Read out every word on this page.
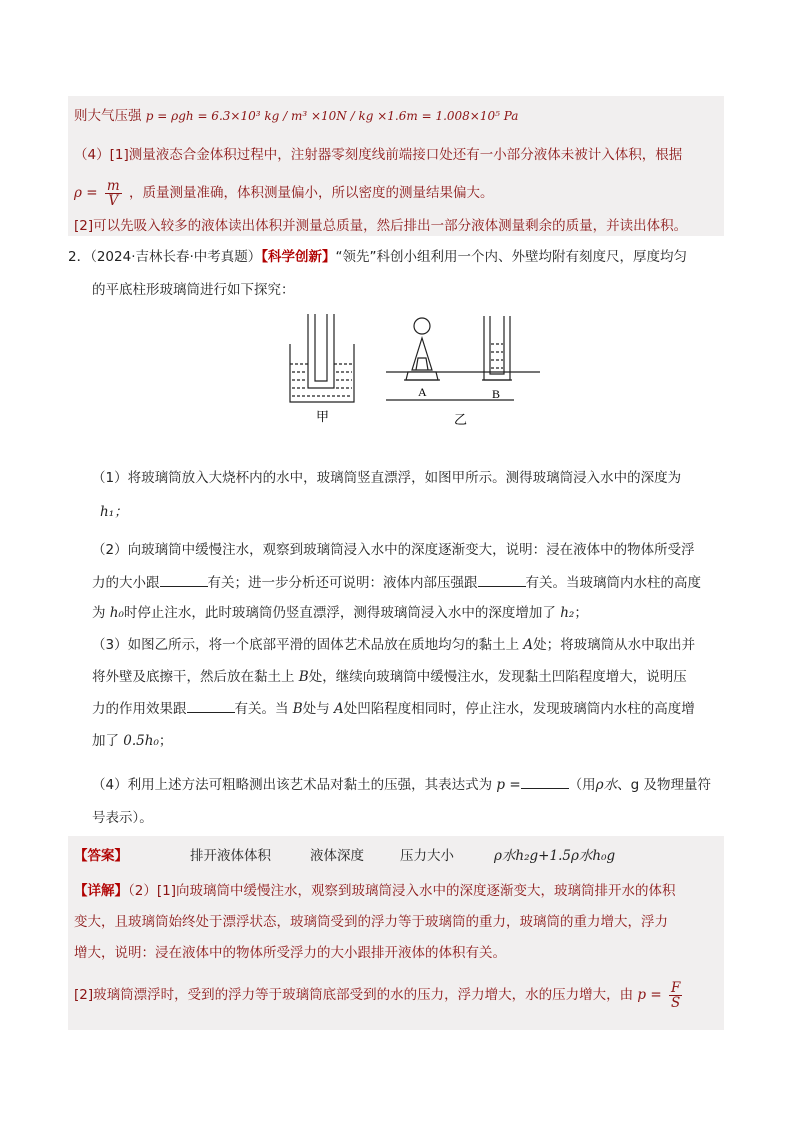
则大气压强 p = ρgh = 6.3×10³ kg / m³ ×10N / kg ×1.6m = 1.008×10⁵ Pa
（4）[1]测量液态合金体积过程中，注射器零刻度线前端接口处还有一小部分液体未被计入体积，根据
$\rho = \frac{m}{V}$ ，质量测量准确，体积测量偏小，所以密度的测量结果偏大。
[2]可以先吸入较多的液体读出体积并测量总质量，然后排出一部分液体测量剩余的质量，并读出体积。
2．（2024·吉林长春·中考真题）【科学创新】“领先”科创小组利用一个内、外壁均附有刻度尺，厚度均匀
的平底柱形玻璃筒进行如下探究：
A	B
甲	乙
（1）将玻璃筒放入大烧杯内的水中，玻璃筒竖直漂浮，如图甲所示。测得玻璃筒浸入水中的深度为
h₁；
（2）向玻璃筒中缓慢注水，观察到玻璃筒浸入水中的深度逐渐变大，说明：浸在液体中的物体所受浮
力的大小跟	有关；进一步分析还可说明：液体内部压强跟	有关。当玻璃筒内水柱的高度
为 h₀时停止注水，此时玻璃筒仍竖直漂浮，测得玻璃筒浸入水中的深度增加了 h₂；
（3）如图乙所示，将一个底部平滑的固体艺术品放在质地均匀的黏土上 A处；将玻璃筒从水中取出并
将外壁及底擦干，然后放在黏土上 B处，继续向玻璃筒中缓慢注水，发现黏土凹陷程度增大，说明压
力的作用效果跟	有关。当 B处与 A处凹陷程度相同时，停止注水，发现玻璃筒内水柱的高度增
加了 0.5h₀；
（4）利用上述方法可粗略测出该艺术品对黏土的压强，其表达式为 p =	（用ρ水、g 及物理量符
号表示）。
【答案】	排开液体体积	液体深度	压力大小	ρ水h₂g+1.5ρ水h₀g
【详解】（2）[1]向玻璃筒中缓慢注水，观察到玻璃筒浸入水中的深度逐渐变大，玻璃筒排开水的体积
变大，且玻璃筒始终处于漂浮状态，玻璃筒受到的浮力等于玻璃筒的重力，玻璃筒的重力增大，浮力
增大，说明：浸在液体中的物体所受浮力的大小跟排开液体的体积有关。
[2]玻璃筒漂浮时，受到的浮力等于玻璃筒底部受到的水的压力，浮力增大，水的压力增大，由 $p = \frac{F}{S}$
